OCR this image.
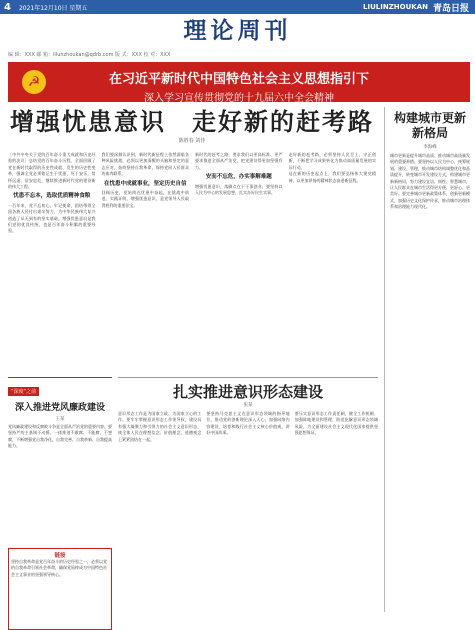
4	2021年12月10日 星期五	LIULINZHOUKAN 青岛日报
理论周刊
编 辑：XXX 邮 箱：lilunzhoukan@qdrb.com 版 式：XXX 校 对：XXX
☭	在习近平新时代中国特色社会主义思想指引下
深入学习宣传贯彻党的十九届六中全会精神
增强忧患意识　走好新的赶考路
陈胜春 刘佳

〔中共中央关于党的百年奋斗重大成就和历史经验的决议〕总结党的百年奋斗历程，全面回顾了党在新时代取得的历史性成就、发生的历史性变革，强调全党必须铭记生于忧患、死于安乐，常怀远虑、居安思危，继续推进新时代党的建设新的伟大工程。

忧患不忘本，选取优质精神食粮

一百年来，党不忘初心、牢记使命，团结带领全国各族人民付出艰辛努力，为中华民族伟大复兴创造了从无到有的坚实基础。增强忧患意识是我们党的优良传统，也是百年奋斗积累的重要经验。

我们要深刻认识到，新时代新征程上依然面临各种风险挑战，必须以更加清醒的头脑和坚定的意志应对，始终坚持自我革命，保持党同人民群众的血肉联系。

在忧患中成就事业，坚定历史自信

回顾历史，党始终在忧患中奋起，在挑战中前进。实践证明，增强忧患意识，是党领导人民取得胜利的重要法宝。

新时代的赶考之路，要求我们以更高标准、更严要求推进全面从严治党，把党建设得更加坚强有力。

安而不忘危，办实事解难题

增强忧患意识，落脚点在于干事创业。要坚持以人民为中心的发展思想，扎实办好民生实事。

走好新的赶考路，必须坚持人民至上，守正创新，不断把学习成果转化为推动高质量发展的实际行动。

站在新的历史起点上，我们要弘扬伟大建党精神，以更加昂扬的精神状态奋进新征程。

构建城市更新新格局
李海峰
城市更新是提升城市品质、推动城市高质量发展的重要举措。要坚持以人民为中心，统筹规划、建设、管理，推动城市结构调整优化和品质提升，转变城市开发建设方式，构建城市更新新格局，努力建设宜居、韧性、智慧城市，让人民群众在城市生活得更方便、更舒心、更美好。要完善城市更新政策体系，创新更新模式，加强历史文化保护传承，推动城市治理体系和治理能力现代化。
“深度”之前
深入推进党风廉政建设
王某
党风廉政建设和反腐败斗争是全面从严治党的重要内容。要坚持严的主基调不动摇，一体推进不敢腐、不能腐、不想腐，不断增强党自我净化、自我完善、自我革新、自我提高能力。
链接
坚持自我革命是党百年奋斗的历史经验之一，必须以党的自我革命引领社会革命，确保党始终成为中国特色社会主义事业的坚强领导核心。
扎实推进意识形态建设
张某
意识形态工作是为国家立政、为国家立心的工作。要牢牢掌握意识形态工作领导权，建设具有强大凝聚力和引领力的社会主义意识形态，使全体人民在理想信念、价值理念、道德观念上紧紧团结在一起。
要坚持马克思主义在意识形态领域的指导地位，推动党的创新理论深入人心，加强网络内容建设，培育和践行社会主义核心价值观，讲好中国故事。
要压实意识形态工作责任制，健全工作机制，加强阵地建设和管理，防范化解意识形态领域风险，为全面建设社会主义现代化国家提供坚强思想保证。
